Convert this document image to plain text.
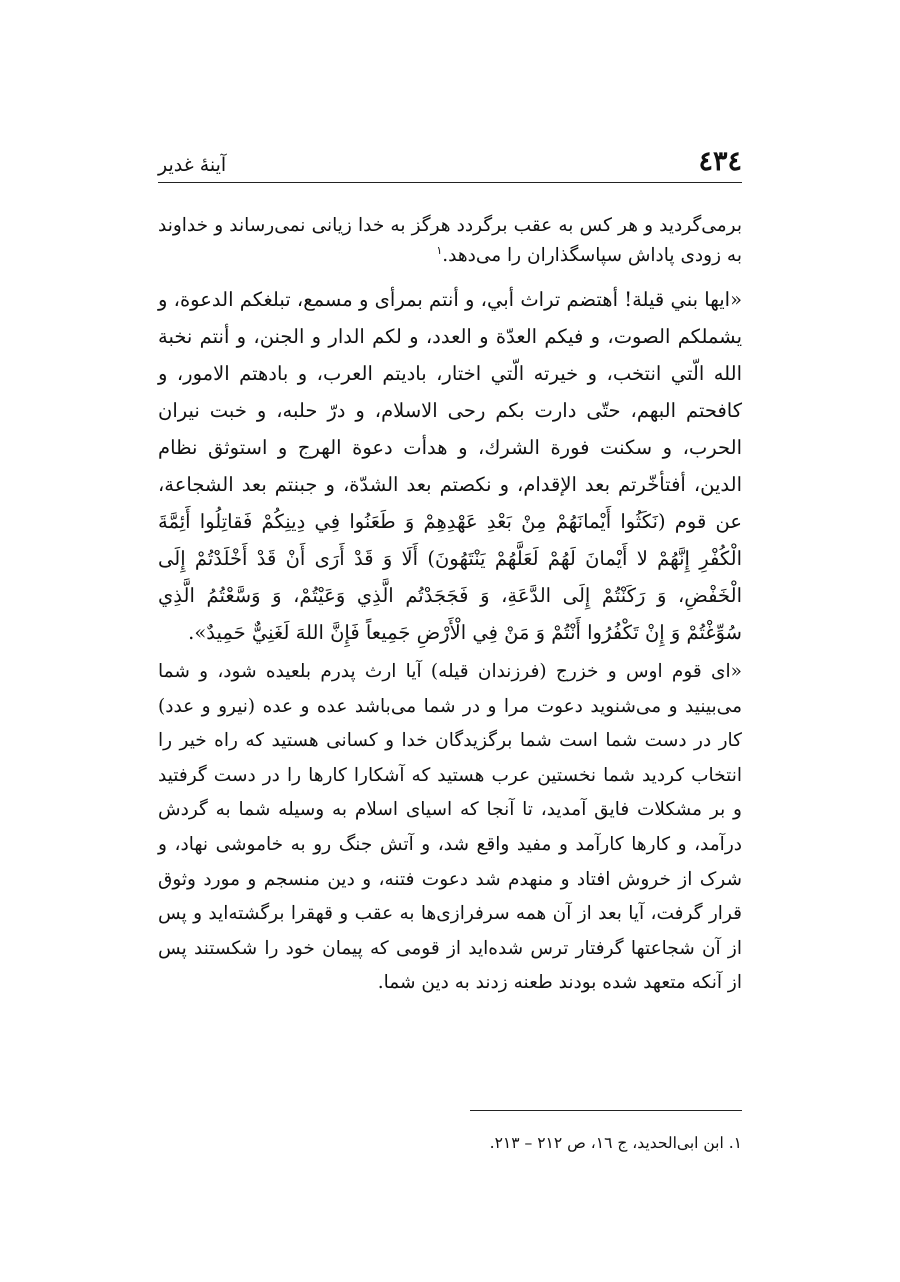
٤٣٤
آينهٔ غدير

برمی‌گردید و هر کس به عقب برگردد هرگز به خدا زیانی نمی‌رساند و خداوند به زودی پاداش سپاسگذاران را می‌دهد.$^١$

«ايها بني قيلة! أهتضم تراث أبي، و أنتم بمرأى و مسمع، تبلغكم الدعوة، و يشملكم الصوت، و فيكم العدّة و العدد، و لكم الدار و الجنن، و أنتم نخبة الله الّتي انتخب، و خيرته الّتي اختار، باديتم العرب، و بادهتم الامور، و كافحتم البهم، حتّى دارت بكم رحى الاسلام، و درّ حلبه، و خبت نيران الحرب، و سكنت فورة الشرك، و هدأت دعوة الهرج و استوثق نظام الدين، أفتأخّرتم بعد الإقدام، و نكصتم بعد الشدّة، و جبنتم بعد الشجاعة، عن قوم (نَكَثُوا أَيْمانَهُمْ مِنْ بَعْدِ عَهْدِهِمْ وَ طَعَنُوا فِي دِينِكُمْ فَقاتِلُوا أَئِمَّةَ الْكُفْرِ إِنَّهُمْ لا أَيْمانَ لَهُمْ لَعَلَّهُمْ يَنْتَهُونَ) أَلَا وَ قَدْ أَرَى أَنْ قَدْ أَخْلَدْتُمْ إِلَى الْخَفْضِ، وَ رَكَنْتُمْ إِلَى الدَّعَةِ، وَ فَجَجَدْتُم الَّذِي وَعَيْتُمْ، وَ وَسَّعْتُمُ الَّذِي سُوِّغْتُمْ وَ إِنْ تَكْفُرُوا أَنْتُمْ وَ مَنْ فِي الْأَرْضِ جَمِيعاً فَإِنَّ اللهَ لَغَنِيٌّ حَمِيدٌ».

«ای قوم اوس و خزرج (فرزندان قیله) آیا ارث پدرم بلعیده شود، و شما می‌بینید و می‌شنوید دعوت مرا و در شما می‌باشد عده و عده (نیرو و عدد) کار در دست شما است شما برگزیدگان خدا و کسانی هستید که راه خیر را انتخاب کردید شما نخستین عرب هستید که آشکارا کارها را در دست گرفتید و بر مشکلات فایق آمدید، تا آنجا که اسیای اسلام به وسیله شما به گردش درآمد، و کارها کارآمد و مفید واقع شد، و آتش جنگ رو به خاموشی نهاد، و شرک از خروش افتاد و منهدم شد دعوت فتنه، و دین منسجم و مورد وثوق قرار گرفت، آیا بعد از آن همه سرفرازی‌ها به عقب و قهقرا برگشته‌اید و پس از آن شجاعتها گرفتار ترس شده‌اید از قومی که پیمان خود را شکستند پس از آنکه متعهد شده بودند طعنه زدند به دین شما.

١. ابن ابی‌الحدید، ج ١٦، ص ٢١٢ – ٢١٣.
